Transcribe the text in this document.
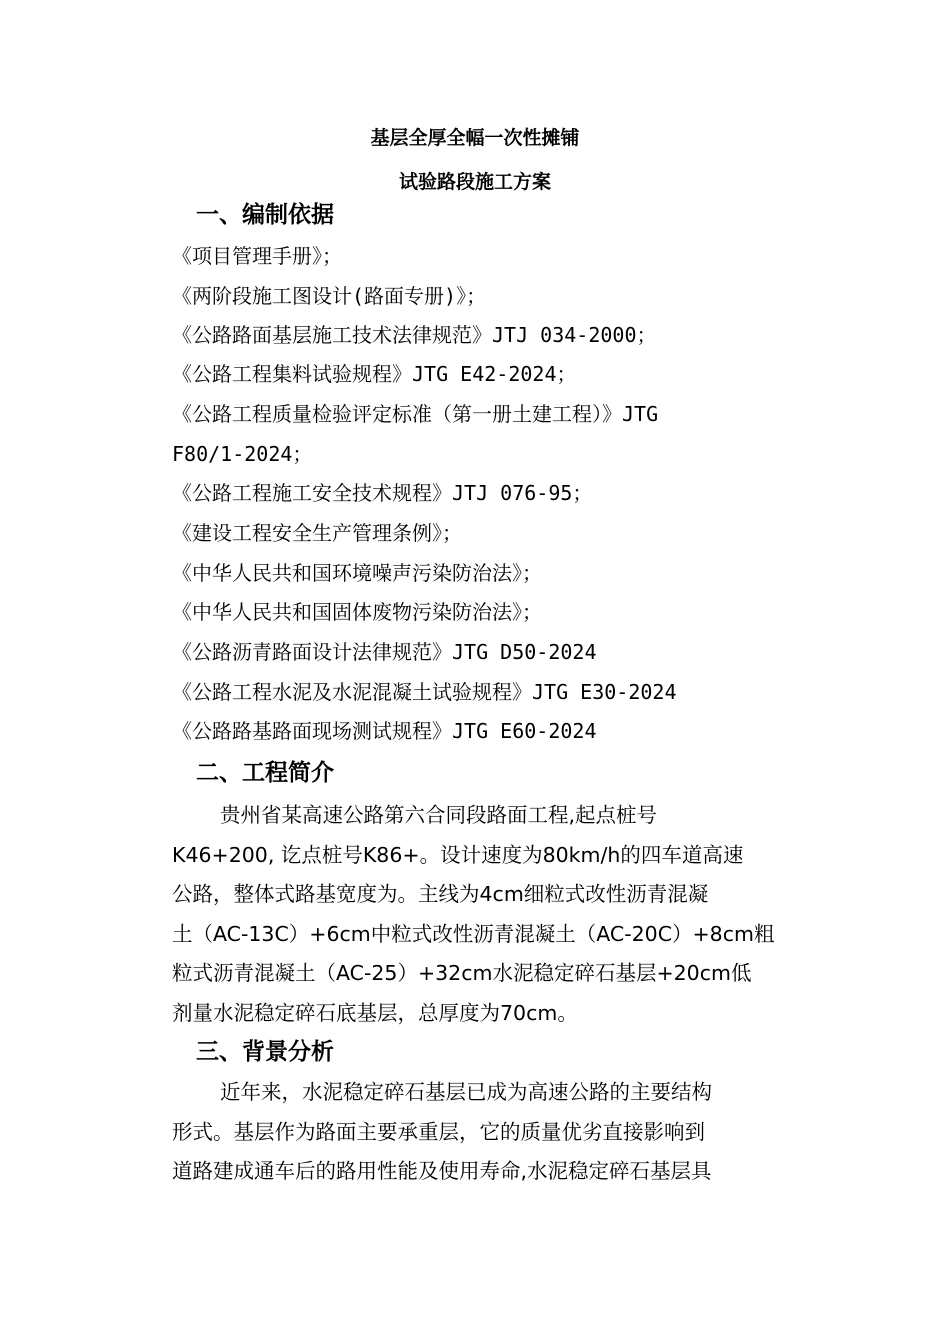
基层全厚全幅一次性摊铺
试验路段施工方案
一、编制依据
《项目管理手册》；
《两阶段施工图设计(路面专册)》；
《公路路面基层施工技术法律规范》JTJ 034-2000；
《公路工程集料试验规程》JTG E42-2024；
《公路工程质量检验评定标准（第一册土建工程）》JTG
F80/1-2024；
《公路工程施工安全技术规程》JTJ 076-95；
《建设工程安全生产管理条例》；
《中华人民共和国环境噪声污染防治法》；
《中华人民共和国固体废物污染防治法》；
《公路沥青路面设计法律规范》JTG D50-2024
《公路工程水泥及水泥混凝土试验规程》JTG E30-2024
《公路路基路面现场测试规程》JTG E60-2024
二、工程简介
贵州省某高速公路第六合同段路面工程,起点桩号
K46+200, 讫点桩号K86+。设计速度为80km/h的四车道高速
公路，整体式路基宽度为。主线为4cm细粒式改性沥青混凝
土（AC-13C）+6cm中粒式改性沥青混凝土（AC-20C）+8cm粗
粒式沥青混凝土（AC-25）+32cm水泥稳定碎石基层+20cm低
剂量水泥稳定碎石底基层，总厚度为70cm。
三、背景分析
近年来，水泥稳定碎石基层已成为高速公路的主要结构
形式。基层作为路面主要承重层，它的质量优劣直接影响到
道路建成通车后的路用性能及使用寿命,水泥稳定碎石基层具
